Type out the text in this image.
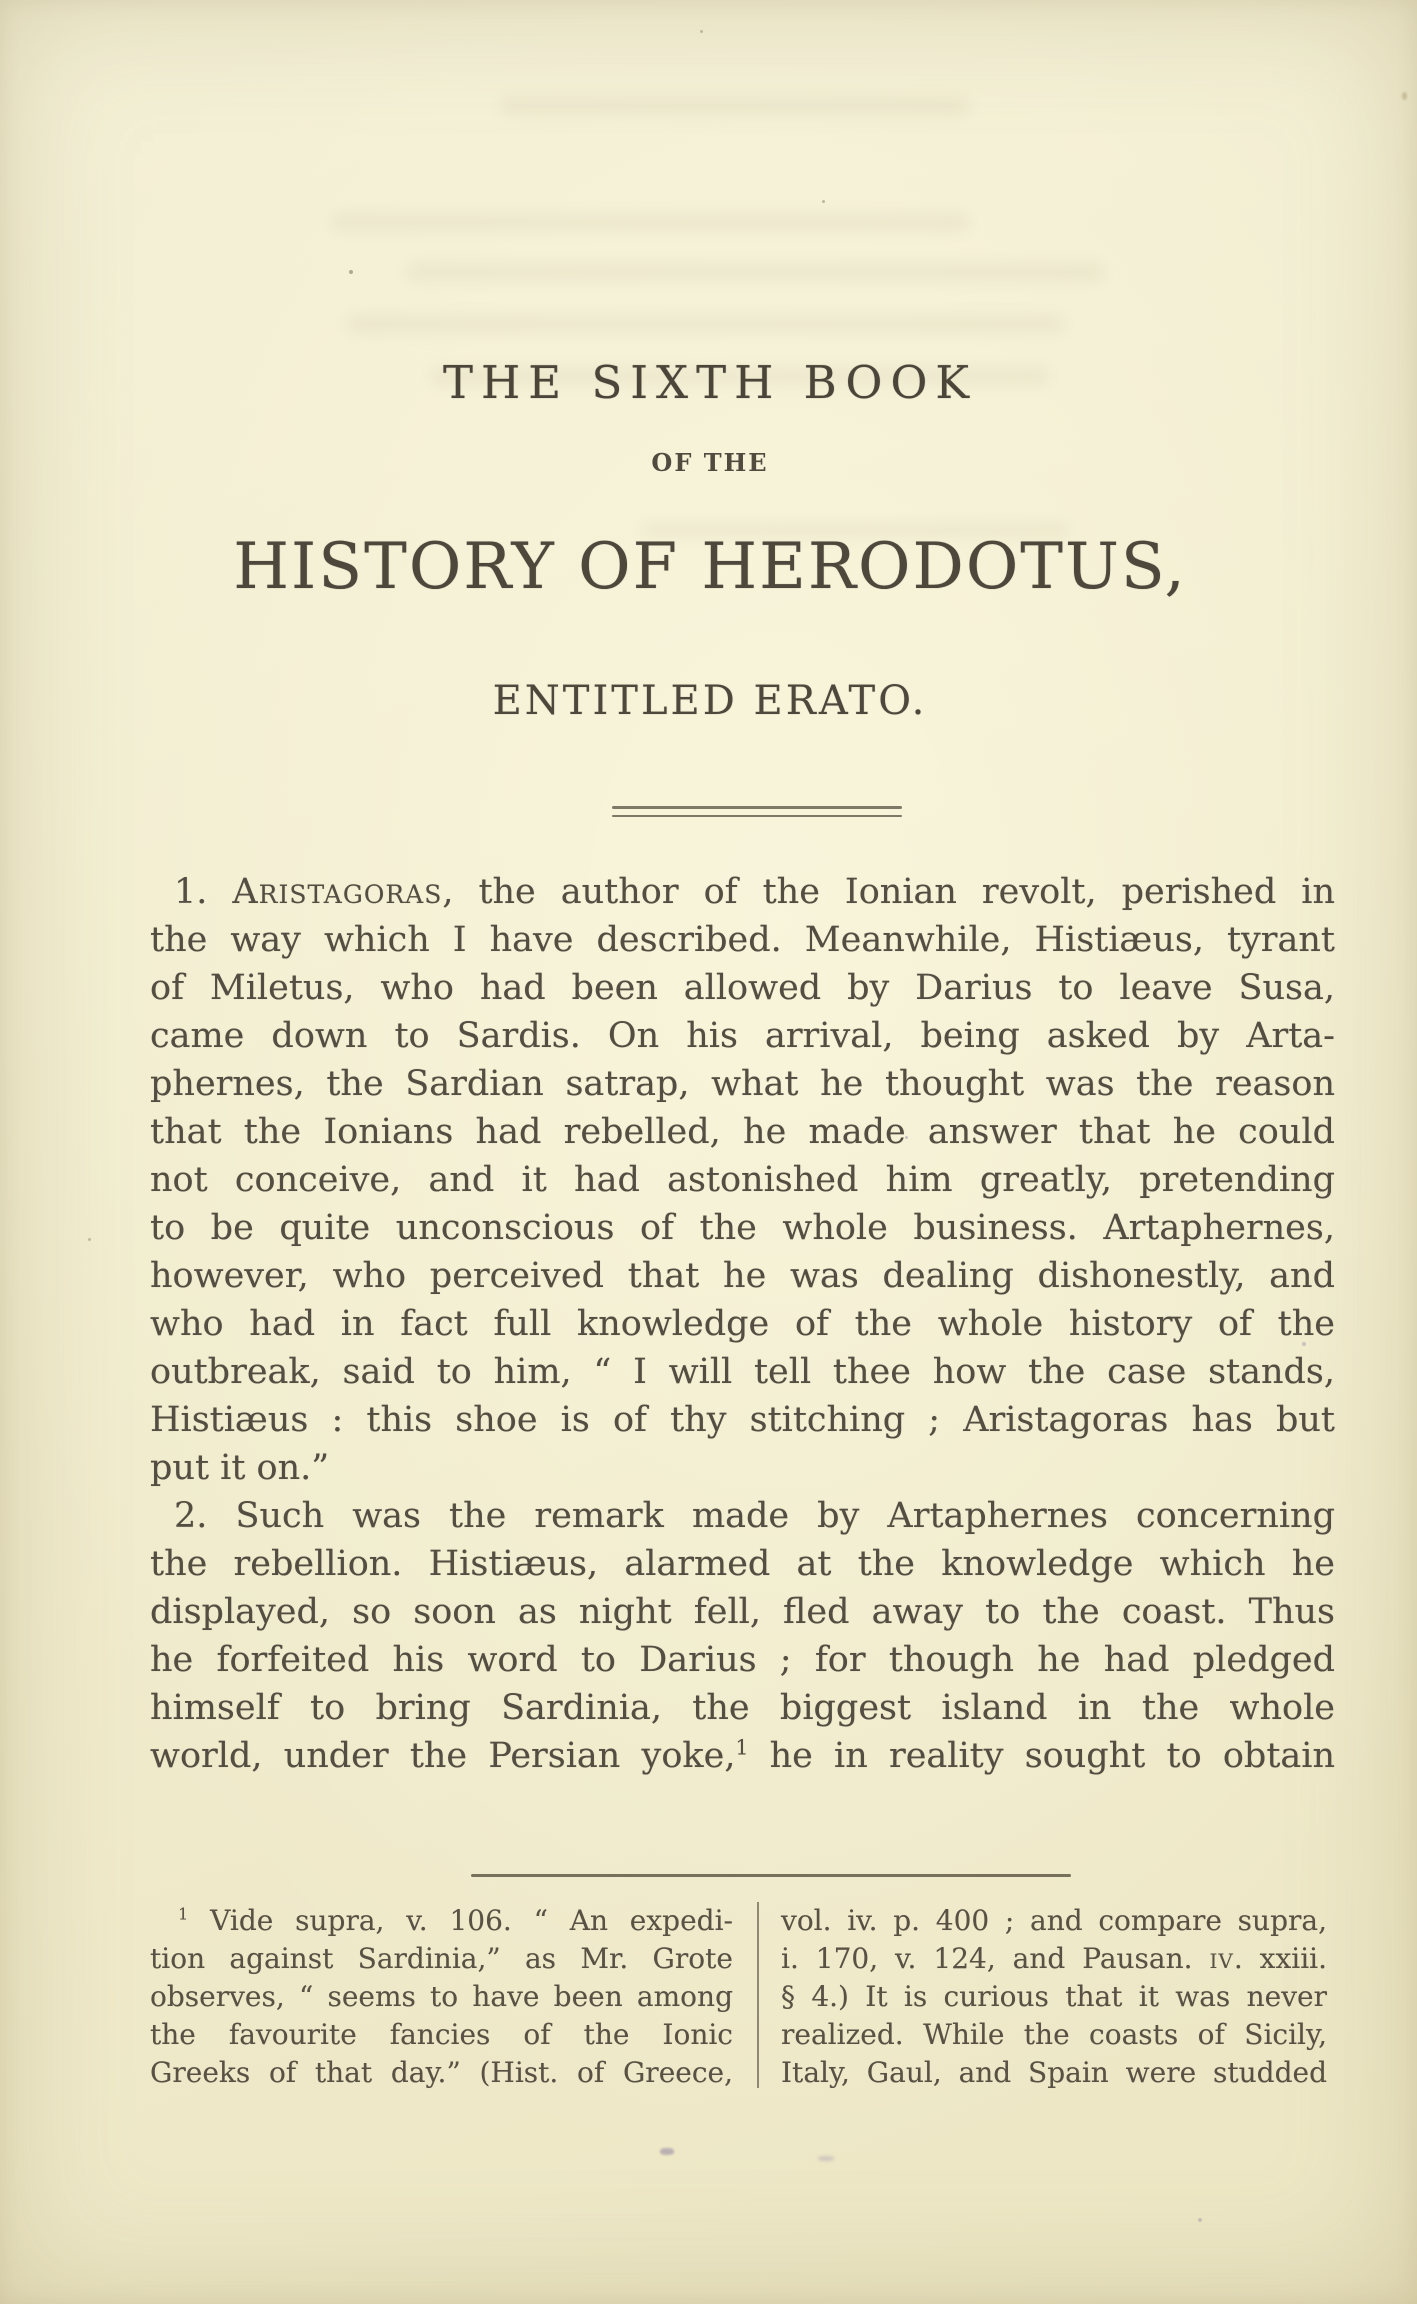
THE SIXTH BOOK
OF THE
HISTORY OF HERODOTUS,
ENTITLED ERATO.
1. Aristagoras, the author of the Ionian revolt, perished in
the way which I have described. Meanwhile, Histiæus, tyrant
of Miletus, who had been allowed by Darius to leave Susa,
came down to Sardis. On his arrival, being asked by Arta-
phernes, the Sardian satrap, what he thought was the reason
that the Ionians had rebelled, he made answer that he could
not conceive, and it had astonished him greatly, pretending
to be quite unconscious of the whole business. Artaphernes,
however, who perceived that he was dealing dishonestly, and
who had in fact full knowledge of the whole history of the
outbreak, said to him, “ I will tell thee how the case stands,
Histiæus : this shoe is of thy stitching ; Aristagoras has but
put it on.”
2. Such was the remark made by Artaphernes concerning
the rebellion. Histiæus, alarmed at the knowledge which he
displayed, so soon as night fell, fled away to the coast. Thus
he forfeited his word to Darius ; for though he had pledged
himself to bring Sardinia, the biggest island in the whole
world, under the Persian yoke,$^1$ he in reality sought to obtain
$^1$ Vide supra, v. 106. “ An expedi-
tion against Sardinia,” as Mr. Grote
observes, “ seems to have been among
the favourite fancies of the Ionic
Greeks of that day.” (Hist. of Greece,
vol. iv. p. 400 ; and compare supra,
i. 170, v. 124, and Pausan. iv. xxiii.
§ 4.) It is curious that it was never
realized. While the coasts of Sicily,
Italy, Gaul, and Spain were studded
